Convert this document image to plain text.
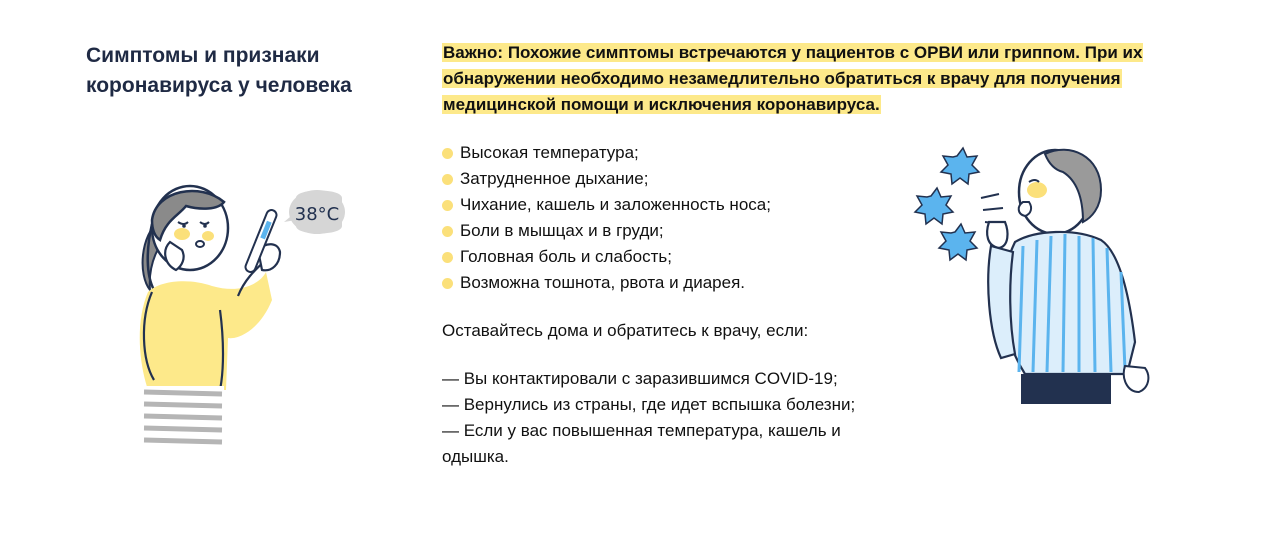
Симптомы и признаки
коронавируса у человека
38°C

Важно: Похожие симптомы встречаются у пациентов с ОРВИ или гриппом. При их обнаружении необходимо незамедлительно обратиться к врачу для получения медицинской помощи и исключения коронавируса.

Высокая температура;
Затрудненное дыхание;
Чихание, кашель и заложенность носа;
Боли в мышцах и в груди;
Головная боль и слабость;
Возможна тошнота, рвота и диарея.

Оставайтесь дома и обратитесь к врачу, если:

— Вы контактировали с заразившимся COVID-19;
— Вернулись из страны, где идет вспышка болезни;
— Если у вас повышенная температура, кашель и одышка.
